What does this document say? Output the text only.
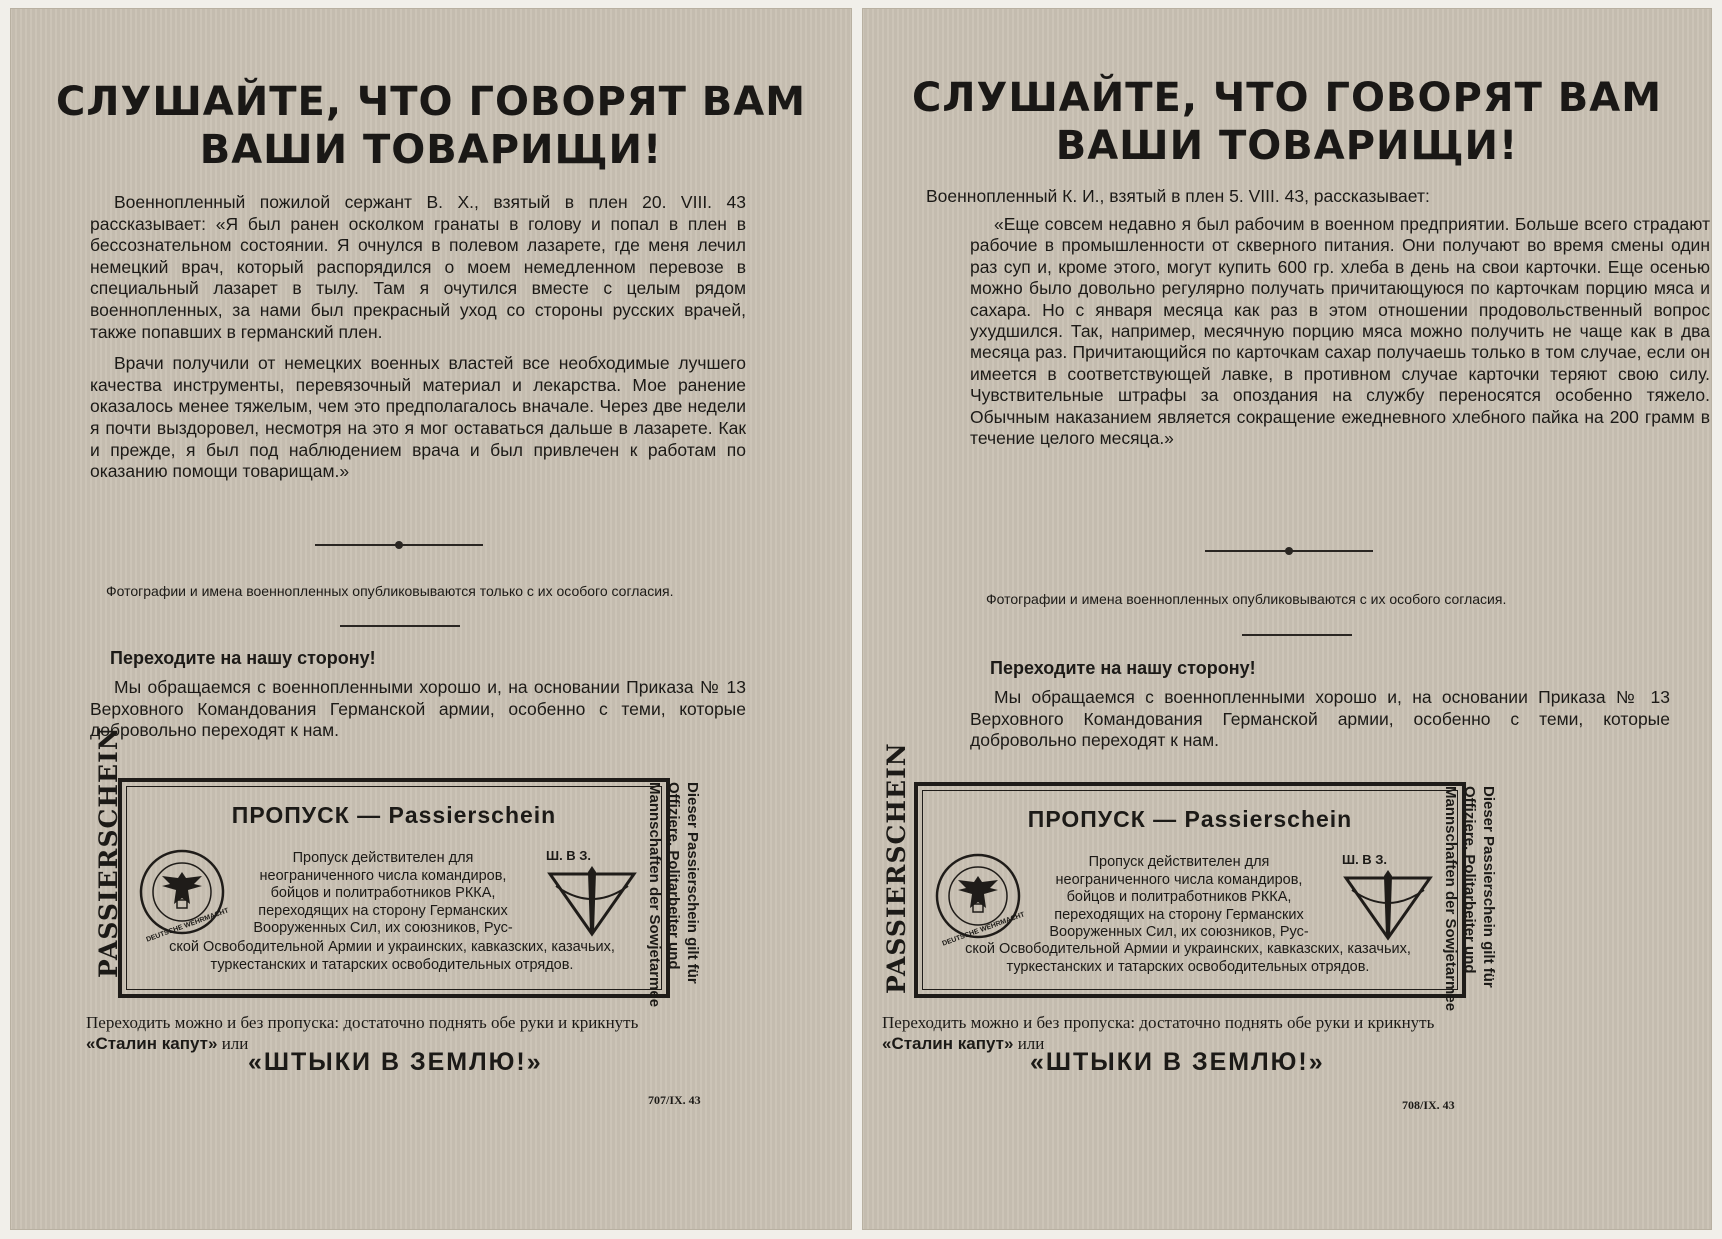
СЛУШАЙТЕ, ЧТО ГОВОРЯТ ВАМ
ВАШИ ТОВАРИЩИ!

Военнопленный пожилой сержант В. Х., взятый в плен 20. VIII. 43 рассказывает: «Я был ранен осколком гранаты в голову и попал в плен в бессознательном состоянии. Я очнулся в полевом лазарете, где меня лечил немецкий врач, который распорядился о моем немедленном перевозе в специальный лазарет в тылу. Там я очутился вместе с целым рядом военнопленных, за нами был прекрасный уход со стороны русских врачей, также попавших в германский плен.

Врачи получили от немецких военных властей все необходимые лучшего качества инструменты, перевязочный материал и лекарства. Мое ранение оказалось менее тяжелым, чем это предполагалось вначале. Через две недели я почти выздоровел, несмотря на это я мог оставаться дальше в лазарете. Как и прежде, я был под наблюдением врача и был привлечен к работам по оказанию помощи товарищам.»

Фотографии и имена военнопленных опубликовываются только с их особого согласия.
Переходите на нашу сторону!
Мы обращаемся с военнопленными хорошо и, на основании Приказа № 13 Верховного Командования Германской армии, особенно с теми, которые добровольно переходят к нам.
PASSIERSCHEIN	ПРОПУСК — Passierschein
DEUTSCHE WEHRMACHT
Пропуск действителен для неограниченного числа командиров, бойцов и политработников РККА, переходящих на сторону Германских Вооруженных Сил, их союзников, Рус-
ской Освободительной Армии и украинских, кавказских, казачьих, туркестанских и татарских освободительных отрядов.
Ш. В З.	Dieser Passierschein gilt für
Offiziere, Politarbeiter und
Mannschaften der Sowjetarmee
Переходить можно и без пропуска: достаточно поднять обе руки и крикнуть
«Сталин капут» или
«ШТЫКИ В ЗЕМЛЮ!»
707/IX. 43
СЛУШАЙТЕ, ЧТО ГОВОРЯТ ВАМ
ВАШИ ТОВАРИЩИ!
Военнопленный К. И., взятый в плен 5. VIII. 43, рассказывает:

«Еще совсем недавно я был рабочим в военном предприятии. Больше всего страдают рабочие в промышленности от скверного питания. Они получают во время смены один раз суп и, кроме этого, могут купить 600 гр. хлеба в день на свои карточки. Еще осенью можно было довольно регулярно получать причитающуюся по карточкам порцию мяса и сахара. Но с января месяца как раз в этом отношении продовольственный вопрос ухудшился. Так, например, месячную порцию мяса можно получить не чаще как в два месяца раз. Причитающийся по карточкам сахар получаешь только в том случае, если он имеется в соответствующей лавке, в противном случае карточки теряют свою силу. Чувствительные штрафы за опоздания на службу переносятся особенно тяжело. Обычным наказанием является сокращение ежедневного хлебного пайка на 200 грамм в течение целого месяца.»

Фотографии и имена военнопленных опубликовываются с их особого согласия.
Переходите на нашу сторону!
Мы обращаемся с военнопленными хорошо и, на основании Приказа № 13 Верховного Командования Германской армии, особенно с теми, которые добровольно переходят к нам.
PASSIERSCHEIN	ПРОПУСК — Passierschein
DEUTSCHE WEHRMACHT
Пропуск действителен для неограниченного числа командиров, бойцов и политработников РККА, переходящих на сторону Германских Вооруженных Сил, их союзников, Рус-
ской Освободительной Армии и украинских, кавказских, казачьих, туркестанских и татарских освободительных отрядов.
Ш. В З.	Dieser Passierschein gilt für
Offiziere, Politarbeiter und
Mannschaften der Sowjetarmee
Переходить можно и без пропуска: достаточно поднять обе руки и крикнуть
«Сталин капут» или
«ШТЫКИ В ЗЕМЛЮ!»
708/IX. 43
